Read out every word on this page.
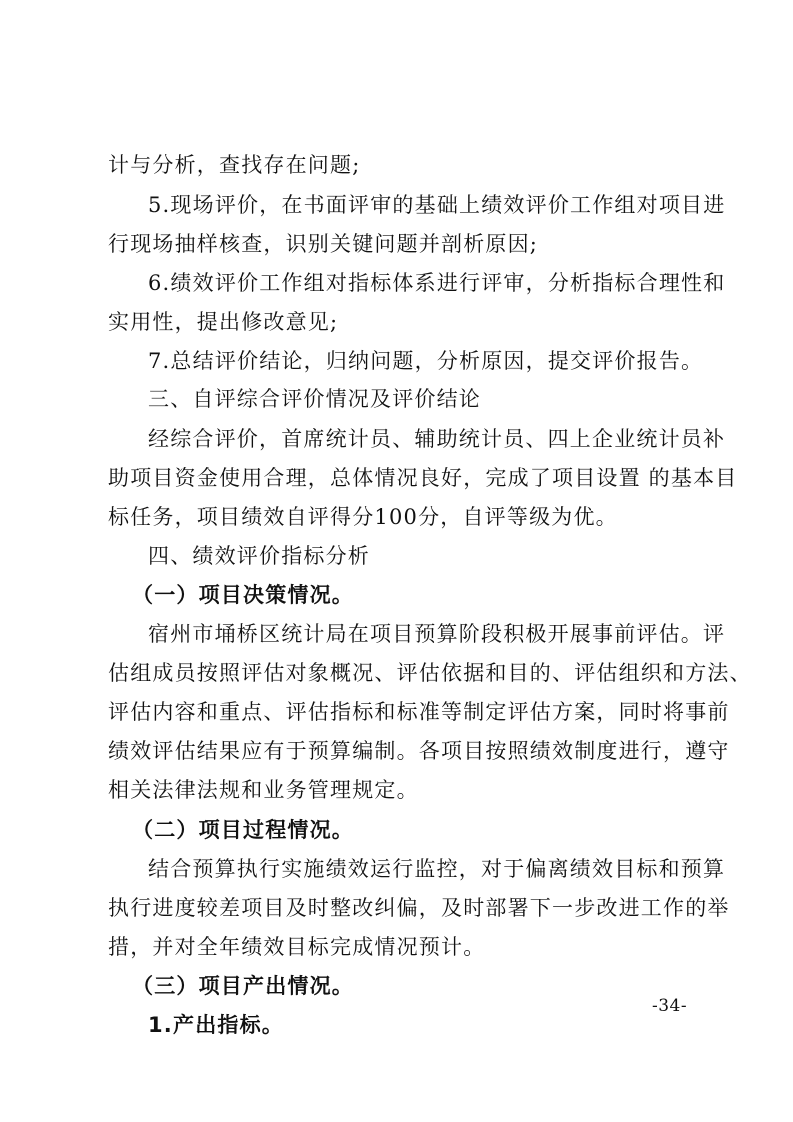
计与分析，查找存在问题;
5.现场评价，在书面评审的基础上绩效评价工作组对项目进
行现场抽样核查，识别关键问题并剖析原因;
6.绩效评价工作组对指标体系进行评审，分析指标合理性和
实用性，提出修改意见;
7.总结评价结论，归纳问题，分析原因，提交评价报告。
三、自评综合评价情况及评价结论
经综合评价，首席统计员、辅助统计员、四上企业统计员补
助项目资金使用合理，总体情况良好，完成了项目设置 的基本目
标任务，项目绩效自评得分100分，自评等级为优。
四、绩效评价指标分析
（一）项目决策情况。
宿州市埇桥区统计局在项目预算阶段积极开展事前评估。评
估组成员按照评估对象概况、评估依据和目的、评估组织和方法、
评估内容和重点、评估指标和标准等制定评估方案，同时将事前
绩效评估结果应有于预算编制。各项目按照绩效制度进行，遵守
相关法律法规和业务管理规定。
（二）项目过程情况。
结合预算执行实施绩效运行监控，对于偏离绩效目标和预算
执行进度较差项目及时整改纠偏，及时部署下一步改进工作的举
措，并对全年绩效目标完成情况预计。
（三）项目产出情况。
1.产出指标。
-34-
